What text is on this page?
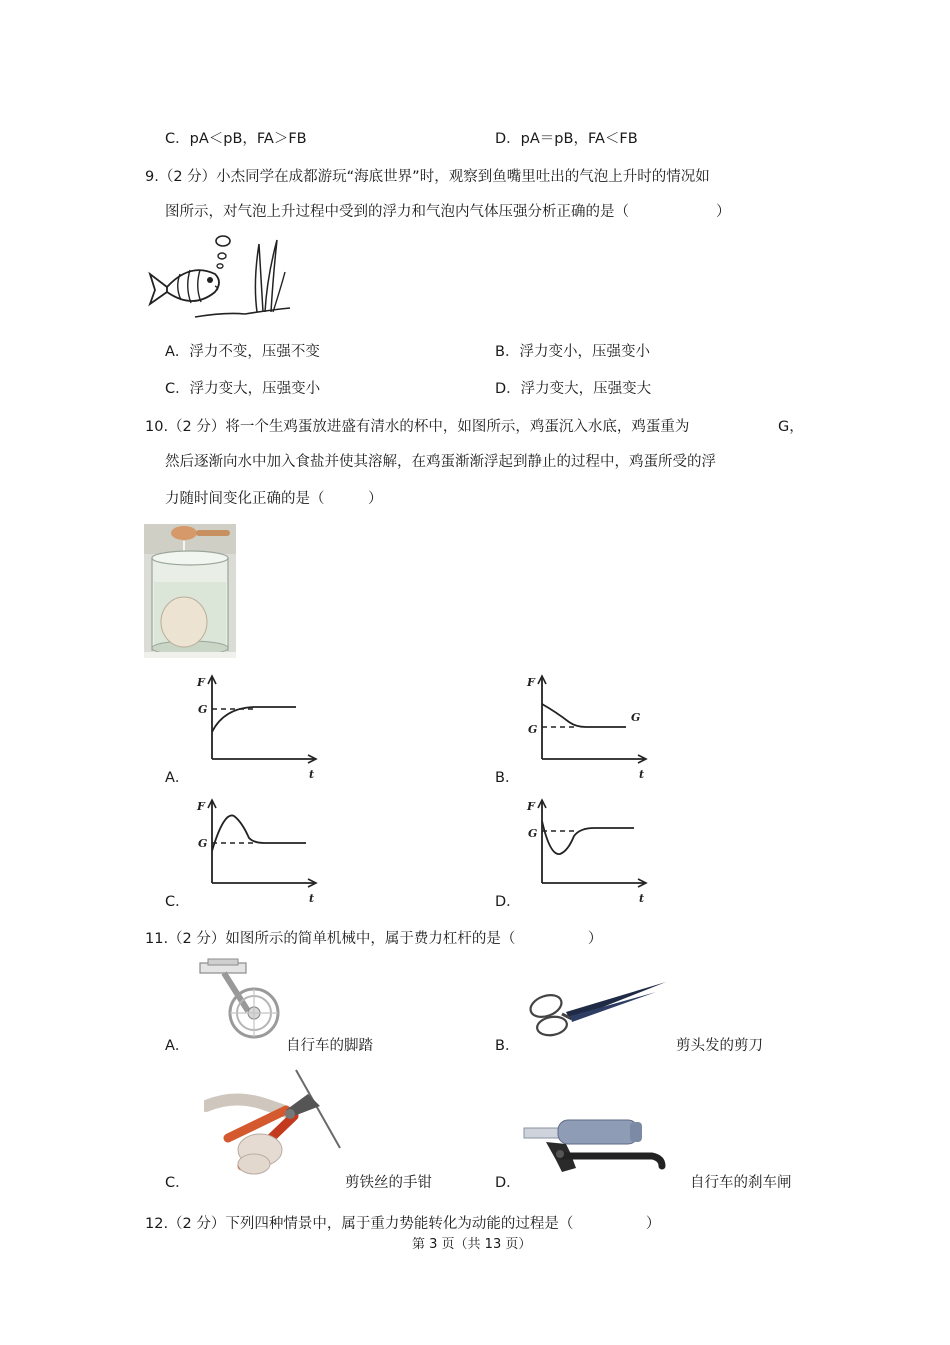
C．pA＜pB，FA＞FB	D．pA＝pB，FA＜FB
9.（2 分）小杰同学在成都游玩“海底世界”时，观察到鱼嘴里吐出的气泡上升时的情况如
图所示，对气泡上升过程中受到的浮力和气泡内气体压强分析正确的是（　　　　　　）
A．浮力不变，压强不变	B．浮力变小，压强变小
C．浮力变大，压强变小	D．浮力变大，压强变大
10.（2 分）将一个生鸡蛋放进盛有清水的杯中，如图所示，鸡蛋沉入水底，鸡蛋重为	G，
然后逐渐向水中加入食盐并使其溶解，在鸡蛋渐渐浮起到静止的过程中，鸡蛋所受的浮
力随时间变化正确的是（　　　）
A．
F
G
t	B．
F
G
G
t
C．
F
G
t	D．
F
G
t
11.（2 分）如图所示的简单机械中，属于费力杠杆的是（　　　　　）
A．	自行车的脚踏	B．	剪头发的剪刀
C．	剪铁丝的手钳	D．	自行车的刹车闸
12.（2 分）下列四种情景中，属于重力势能转化为动能的过程是（　　　　　）
第 3 页（共 13 页）
